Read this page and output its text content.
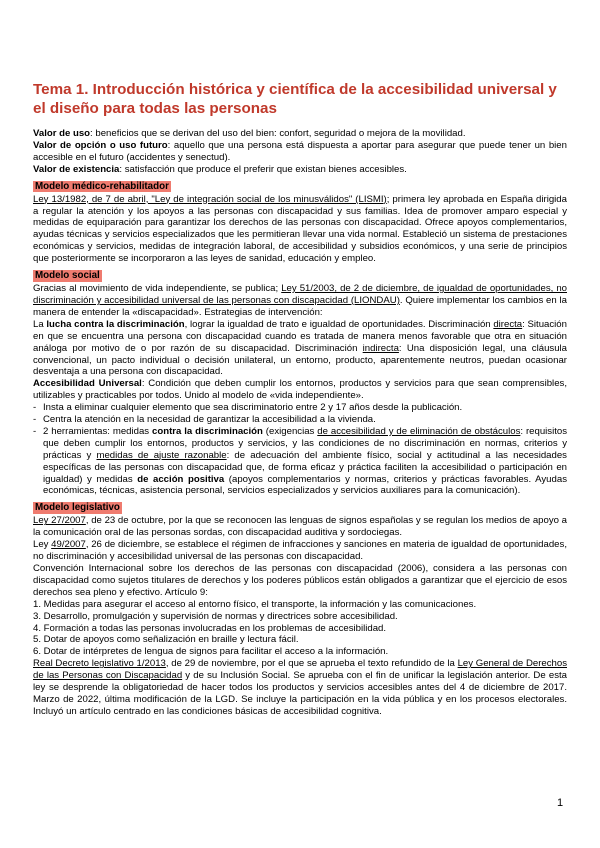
Tema 1. Introducción histórica y científica de la accesibilidad universal y el diseño para todas las personas

Valor de uso: beneficios que se derivan del uso del bien: confort, seguridad o mejora de la movilidad.

Valor de opción o uso futuro: aquello que una persona está dispuesta a aportar para asegurar que puede tener un bien accesible en el futuro (accidentes y senectud).

Valor de existencia: satisfacción que produce el preferir que existan bienes accesibles.

Modelo médico-rehabilitador

Ley 13/1982, de 7 de abril, "Ley de integración social de los minusválidos" (LISMI); primera ley aprobada en España dirigida a regular la atención y los apoyos a las personas con discapacidad y sus familias. Idea de promover amparo especial y medidas de equiparación para garantizar los derechos de las personas con discapacidad. Ofrece apoyos complementarios, ayudas técnicas y servicios especializados que les permitieran llevar una vida normal. Estableció un sistema de prestaciones económicas y servicios, medidas de integración laboral, de accesibilidad y subsidios económicos, y una serie de principios que posteriormente se incorporaron a las leyes de sanidad, educación y empleo.

Modelo social

Gracias al movimiento de vida independiente, se publica; Ley 51/2003, de 2 de diciembre, de igualdad de oportunidades, no discriminación y accesibilidad universal de las personas con discapacidad (LIONDAU). Quiere implementar los cambios en la manera de entender la «discapacidad». Estrategias de intervención:

La lucha contra la discriminación, lograr la igualdad de trato e igualdad de oportunidades. Discriminación directa: Situación en que se encuentra una persona con discapacidad cuando es tratada de manera menos favorable que otra en situación análoga por motivo de o por razón de su discapacidad. Discriminación indirecta: Una disposición legal, una cláusula convencional, un pacto individual o decisión unilateral, un entorno, producto, aparentemente neutros, puedan ocasionar desventaja a una persona con discapacidad.

Accesibilidad Universal: Condición que deben cumplir los entornos, productos y servicios para que sean comprensibles, utilizables y practicables por todos. Unido al modelo de «vida independiente».

- Insta a eliminar cualquier elemento que sea discriminatorio entre 2 y 17 años desde la publicación.

- Centra la atención en la necesidad de garantizar la accesibilidad a la vivienda.

- 2 herramientas: medidas contra la discriminación (exigencias de accesibilidad y de eliminación de obstáculos: requisitos que deben cumplir los entornos, productos y servicios, y las condiciones de no discriminación en normas, criterios y prácticas y medidas de ajuste razonable: de adecuación del ambiente físico, social y actitudinal a las necesidades específicas de las personas con discapacidad que, de forma eficaz y práctica faciliten la accesibilidad o participación en igualdad) y medidas de acción positiva (apoyos complementarios y normas, criterios y prácticas favorables. Ayudas económicas, técnicas, asistencia personal, servicios especializados y servicios auxiliares para la comunicación).

Modelo legislativo

Ley 27/2007, de 23 de octubre, por la que se reconocen las lenguas de signos españolas y se regulan los medios de apoyo a la comunicación oral de las personas sordas, con discapacidad auditiva y sordociegas.

Ley 49/2007, 26 de diciembre, se establece el régimen de infracciones y sanciones en materia de igualdad de oportunidades, no discriminación y accesibilidad universal de las personas con discapacidad.

Convención Internacional sobre los derechos de las personas con discapacidad (2006), considera a las personas con discapacidad como sujetos titulares de derechos y los poderes públicos están obligados a garantizar que el ejercicio de esos derechos sea pleno y efectivo. Artículo 9:

1. Medidas para asegurar el acceso al entorno físico, el transporte, la información y las comunicaciones.

3. Desarrollo, promulgación y supervisión de normas y directrices sobre accesibilidad.

4. Formación a todas las personas involucradas en los problemas de accesibilidad.

5. Dotar de apoyos como señalización en braille y lectura fácil.

6. Dotar de intérpretes de lengua de signos para facilitar el acceso a la información.

Real Decreto legislativo 1/2013, de 29 de noviembre, por el que se aprueba el texto refundido de la Ley General de Derechos de las Personas con Discapacidad y de su Inclusión Social. Se aprueba con el fin de unificar la legislación anterior. De esta ley se desprende la obligatoriedad de hacer todos los productos y servicios accesibles antes del 4 de diciembre de 2017. Marzo de 2022, última modificación de la LGD. Se incluye la participación en la vida pública y en los procesos electorales. Incluyó un artículo centrado en las condiciones básicas de accesibilidad cognitiva.

1
